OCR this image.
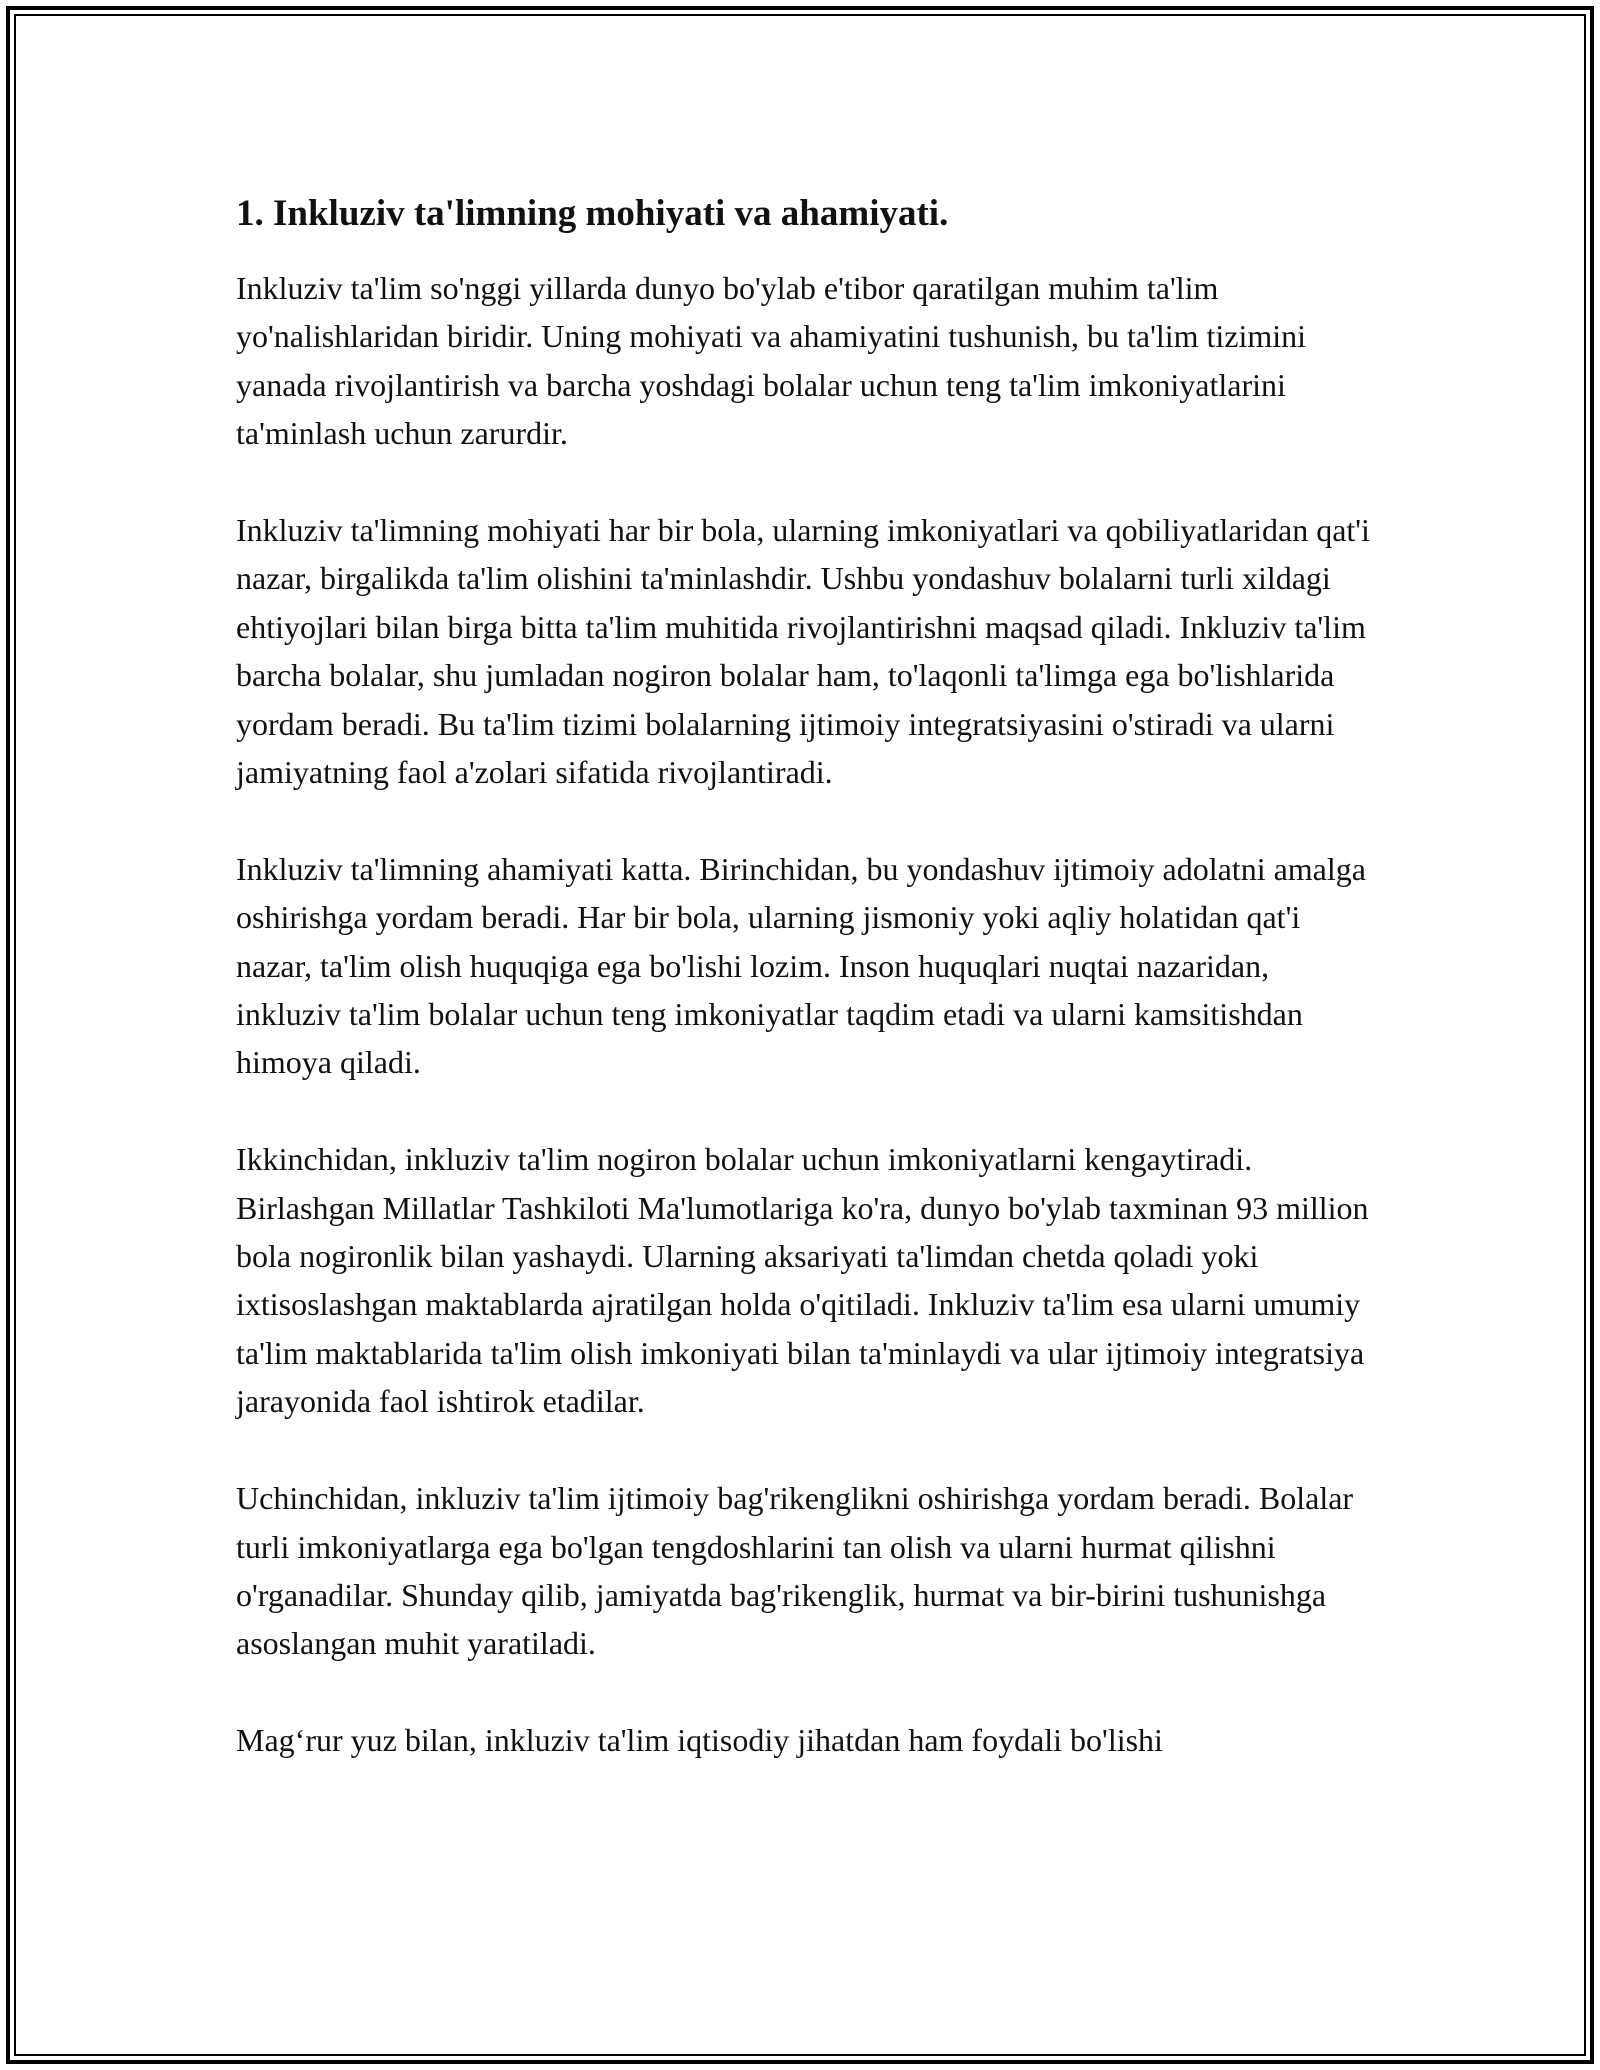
1. Inkluziv ta'limning mohiyati va ahamiyati.

Inkluziv ta'lim so'nggi yillarda dunyo bo'ylab e'tibor qaratilgan muhim ta'lim yo'nalishlaridan biridir. Uning mohiyati va ahamiyatini tushunish, bu ta'lim tizimini yanada rivojlantirish va barcha yoshdagi bolalar uchun teng ta'lim imkoniyatlarini ta'minlash uchun zarurdir.

Inkluziv ta'limning mohiyati har bir bola, ularning imkoniyatlari va qobiliyatlaridan qat'i nazar, birgalikda ta'lim olishini ta'minlashdir. Ushbu yondashuv bolalarni turli xildagi ehtiyojlari bilan birga bitta ta'lim muhitida rivojlantirishni maqsad qiladi. Inkluziv ta'lim barcha bolalar, shu jumladan nogiron bolalar ham, to'laqonli ta'limga ega bo'lishlarida yordam beradi. Bu ta'lim tizimi bolalarning ijtimoiy integratsiyasini o'stiradi va ularni jamiyatning faol a'zolari sifatida rivojlantiradi.

Inkluziv ta'limning ahamiyati katta. Birinchidan, bu yondashuv ijtimoiy adolatni amalga oshirishga yordam beradi. Har bir bola, ularning jismoniy yoki aqliy holatidan qat'i nazar, ta'lim olish huquqiga ega bo'lishi lozim. Inson huquqlari nuqtai nazaridan, inkluziv ta'lim bolalar uchun teng imkoniyatlar taqdim etadi va ularni kamsitishdan himoya qiladi.

Ikkinchidan, inkluziv ta'lim nogiron bolalar uchun imkoniyatlarni kengaytiradi. Birlashgan Millatlar Tashkiloti Ma'lumotlariga ko'ra, dunyo bo'ylab taxminan 93 million bola nogironlik bilan yashaydi. Ularning aksariyati ta'limdan chetda qoladi yoki ixtisoslashgan maktablarda ajratilgan holda o'qitiladi. Inkluziv ta'lim esa ularni umumiy ta'lim maktablarida ta'lim olish imkoniyati bilan ta'minlaydi va ular ijtimoiy integratsiya jarayonida faol ishtirok etadilar.

Uchinchidan, inkluziv ta'lim ijtimoiy bag'rikenglikni oshirishga yordam beradi. Bolalar turli imkoniyatlarga ega bo'lgan tengdoshlarini tan olish va ularni hurmat qilishni o'rganadilar. Shunday qilib, jamiyatda bag'rikenglik, hurmat va bir-birini tushunishga asoslangan muhit yaratiladi.

Mag‘rur yuz bilan, inkluziv ta'lim iqtisodiy jihatdan ham foydali bo'lishi
